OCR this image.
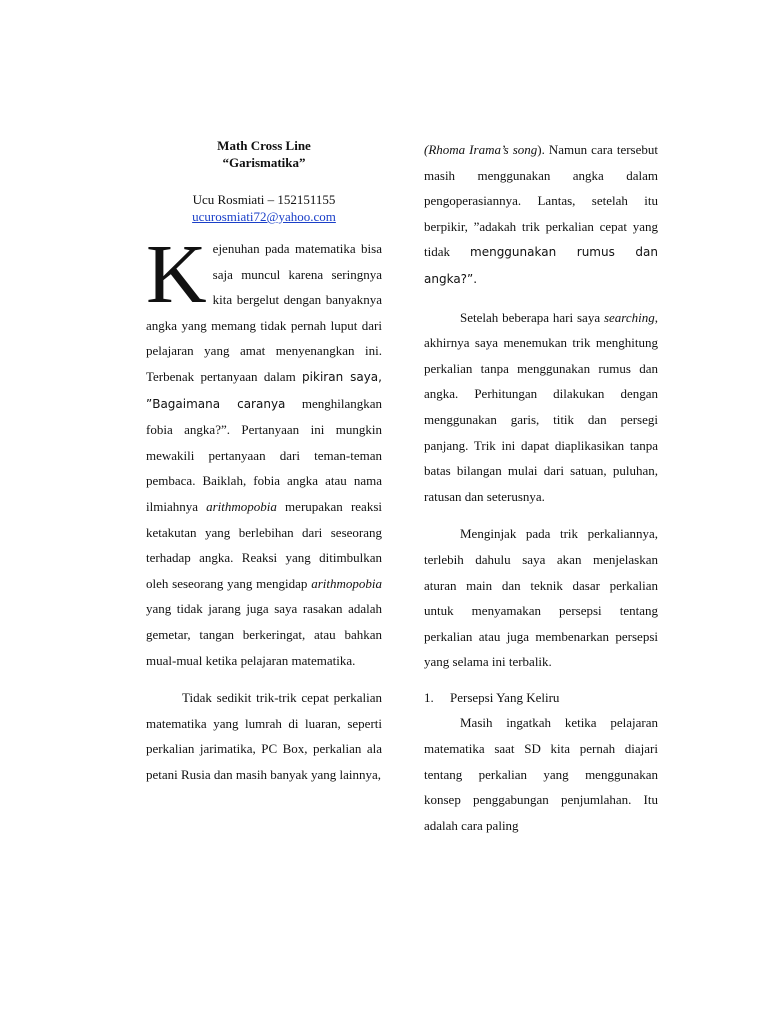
Math Cross Line
“Garismatika”
Ucu Rosmiati – 152151155
ucurosmiati72@yahoo.com

Kejenuhan pada matematika bisa saja muncul karena seringnya kita bergelut dengan banyaknya angka yang memang tidak pernah luput dari pelajaran yang amat menyenangkan ini. Terbenak pertanyaan dalam pikiran saya, ”Bagaimana caranya menghilangkan fobia angka?”. Pertanyaan ini mungkin mewakili pertanyaan dari teman-teman pembaca. Baiklah, fobia angka atau nama ilmiahnya arithmopobia merupakan reaksi ketakutan yang berlebihan dari seseorang terhadap angka. Reaksi yang ditimbulkan oleh seseorang yang mengidap arithmopobia yang tidak jarang juga saya rasakan adalah gemetar, tangan berkeringat, atau bahkan mual-mual ketika pelajaran matematika.

Tidak sedikit trik-trik cepat perkalian matematika yang lumrah di luaran, seperti perkalian jarimatika, PC Box, perkalian ala petani Rusia dan masih banyak yang lainnya,

(Rhoma Irama’s song). Namun cara tersebut masih menggunakan angka dalam pengoperasiannya. Lantas, setelah itu berpikir, ”adakah trik perkalian cepat yang tidak menggunakan rumus dan angka?”.

Setelah beberapa hari saya searching, akhirnya saya menemukan trik menghitung perkalian tanpa menggunakan rumus dan angka. Perhitungan dilakukan dengan menggunakan garis, titik dan persegi panjang. Trik ini dapat diaplikasikan tanpa batas bilangan mulai dari satuan, puluhan, ratusan dan seterusnya.

Menginjak pada trik perkaliannya, terlebih dahulu saya akan menjelaskan aturan main dan teknik dasar perkalian untuk menyamakan persepsi tentang perkalian atau juga membenarkan persepsi yang selama ini terbalik.

1. Persepsi Yang Keliru

Masih ingatkah ketika pelajaran matematika saat SD kita pernah diajari tentang perkalian yang menggunakan konsep penggabungan penjumlahan. Itu adalah cara paling
